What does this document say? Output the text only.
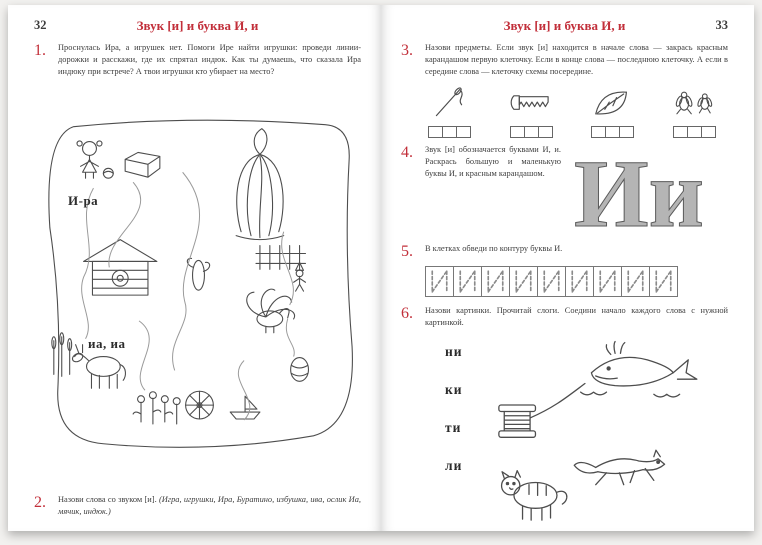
32	Звук [и] и буква И, и
1.	Проснулась Ира, а игрушек нет. Помоги Ире найти игрушки: проведи линии-дорожки и расскажи, где их спрятал индюк. Как ты думаешь, что сказала Ира индюку при встрече? А твои игрушки кто убирает на место?

И-ра
иа, иа
2.	Назови слова со звуком [и]. (Игра, игрушки, Ира, Буратино, избушка, ива, ослик Иа, мячик, индюк.)

Звук [и] и буква И, и	33
3.	Назови предметы. Если звук [и] находится в начале слова — закрась красным карандашом первую клеточку. Если в конце слова — последнюю клеточку. А если в середине слова — клеточку схемы посередине.

4.	Звук [и] обозначается буквами И, и. Раскрась большую и маленькую буквы И, и красным карандашом. Ии
5.	В клетках обведи по контуру буквы И.

6.	Назови картинки. Прочитай слоги. Соедини начало каждого слова с нужной картинкой.

ни
ки
ти
ли
